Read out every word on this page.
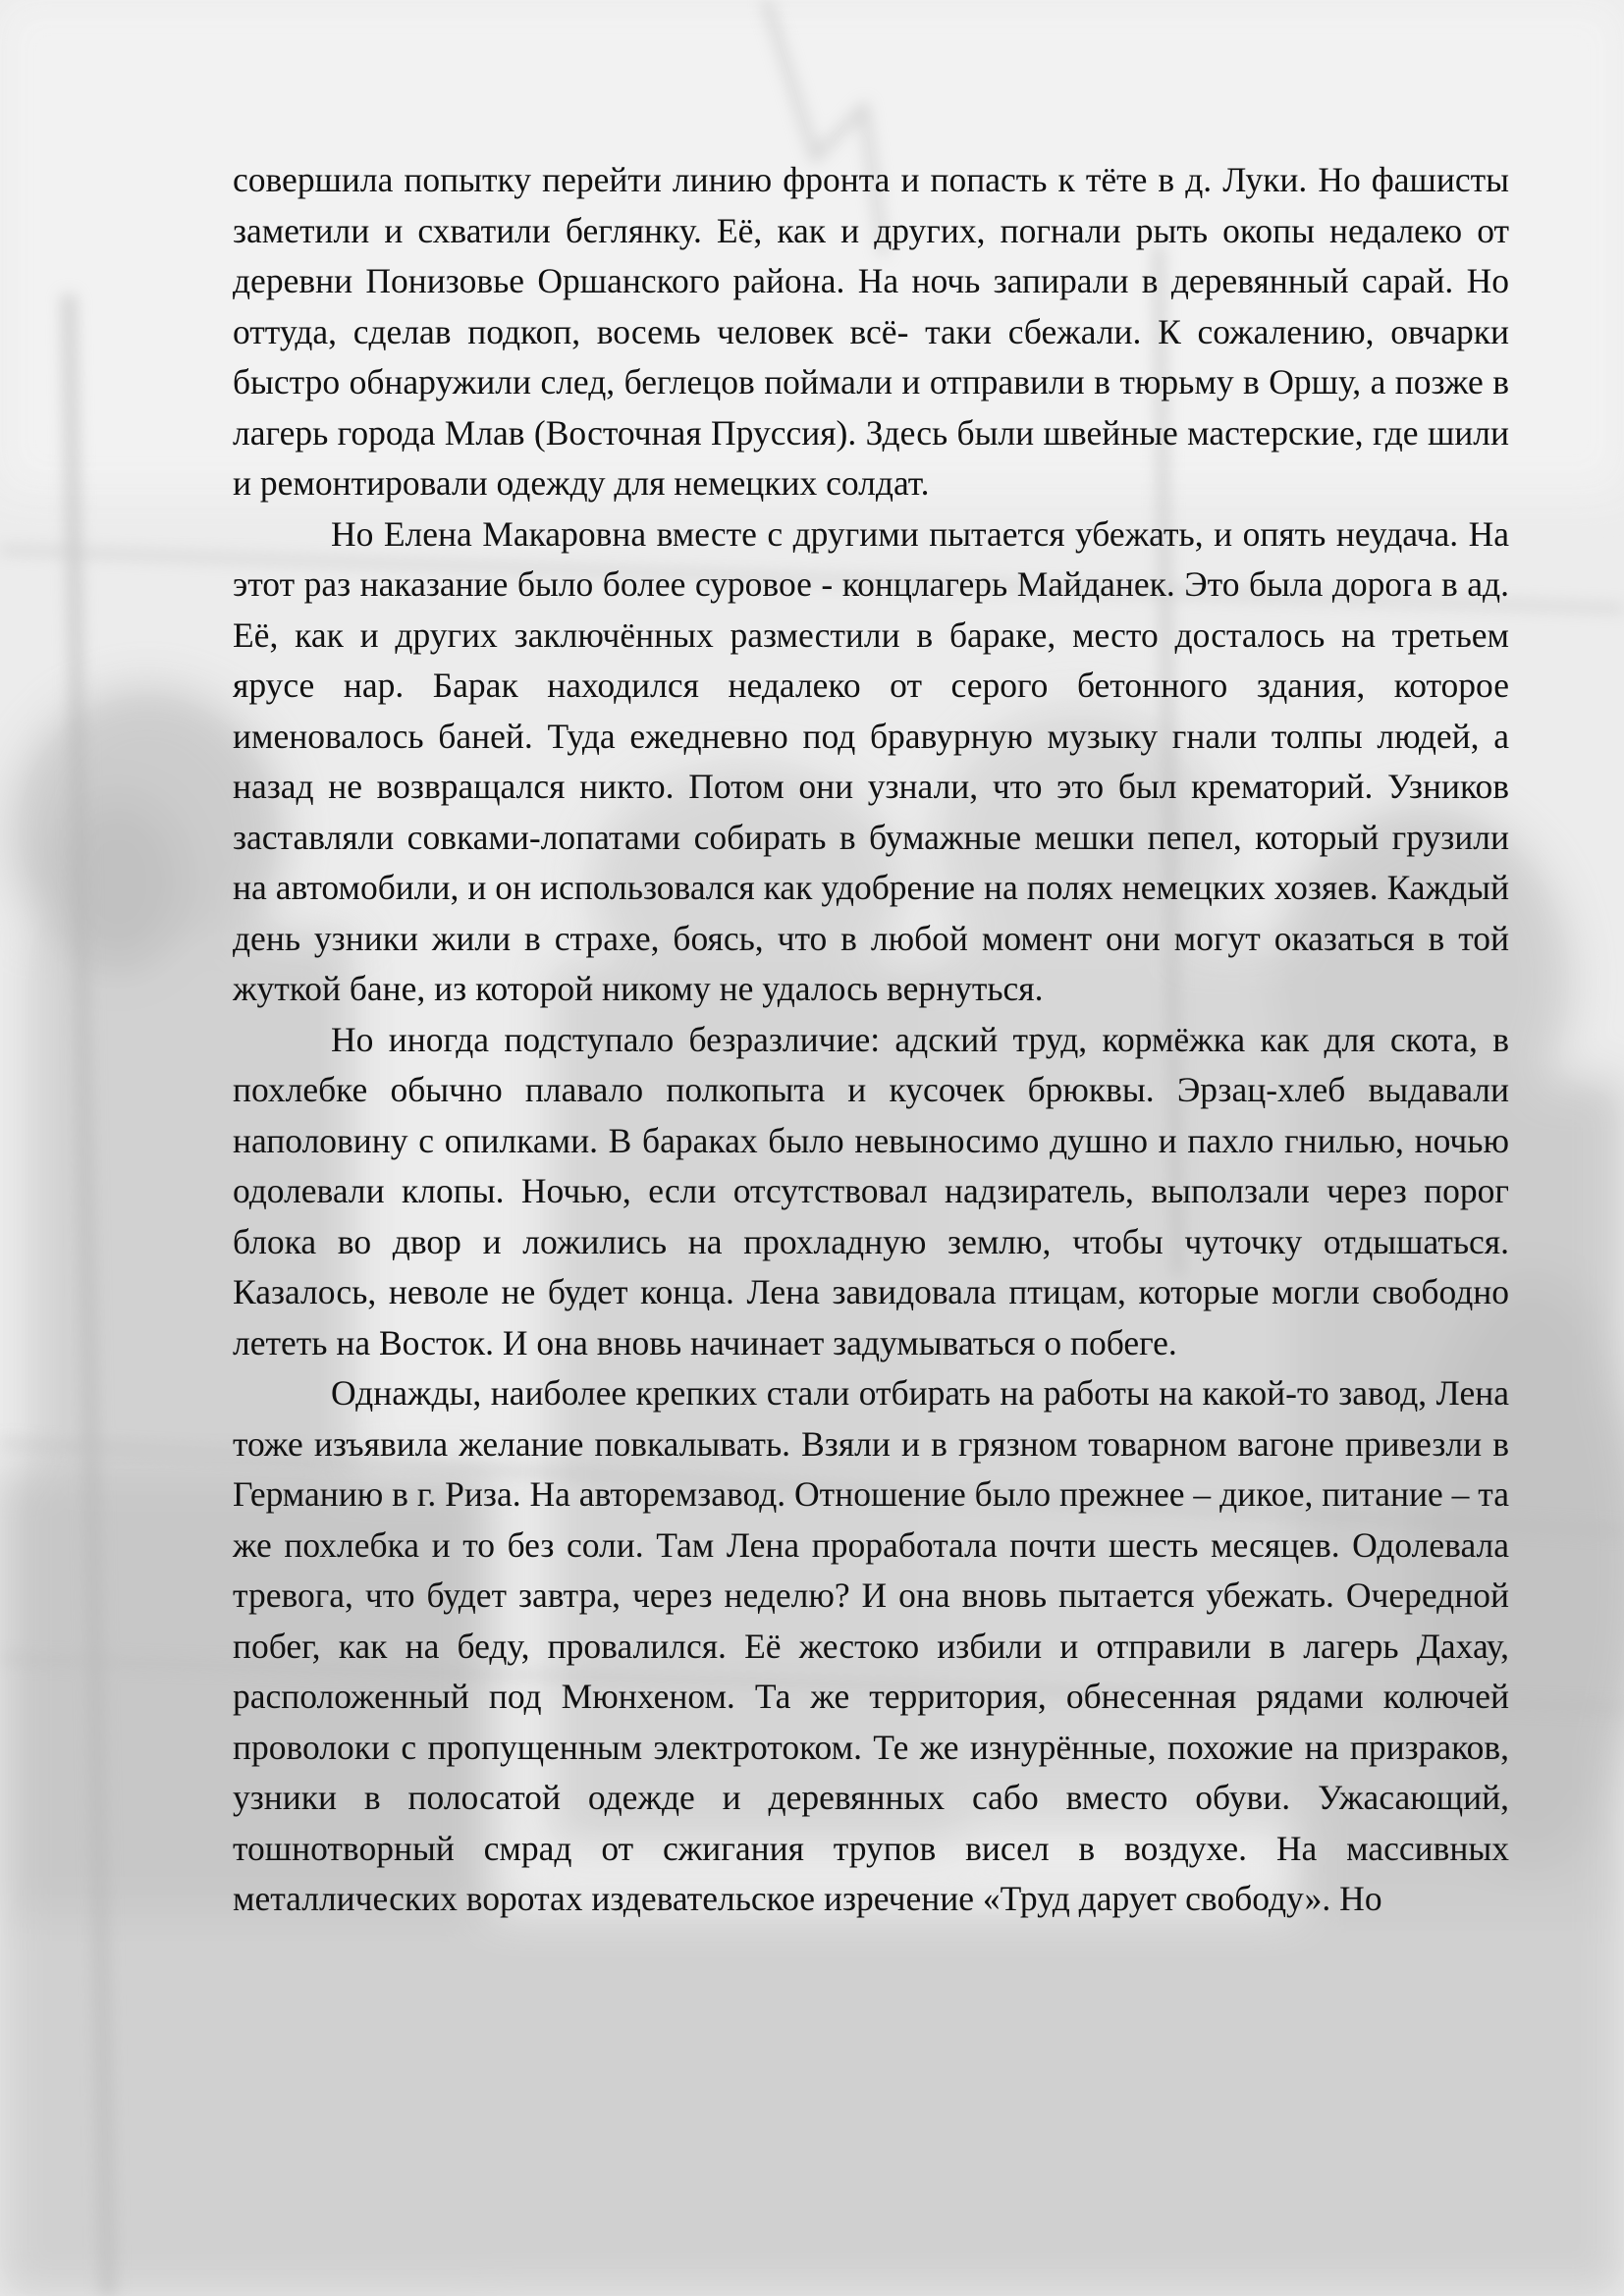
совершила попытку перейти линию фронта и попасть к тёте в д. Луки. Но фашисты заметили и схватили беглянку. Её, как и других, погнали рыть окопы недалеко от деревни Понизовье Оршанского района. На ночь запирали в деревянный сарай. Но оттуда, сделав подкоп, восемь человек всё- таки сбежали. К сожалению, овчарки быстро обнаружили след, беглецов поймали и отправили в тюрьму в Оршу, а позже в лагерь города Млав (Восточная Пруссия). Здесь были швейные мастерские, где шили и ремонтировали одежду для немецких солдат.

Но Елена Макаровна вместе с другими пытается убежать, и опять неудача. На этот раз наказание было более суровое - концлагерь Майданек. Это была дорога в ад. Её, как и других заключённых разместили в бараке, место досталось на третьем ярусе нар. Барак находился недалеко от серого бетонного здания, которое именовалось баней. Туда ежедневно под бравурную музыку гнали толпы людей, а назад не возвращался никто. Потом они узнали, что это был крематорий. Узников заставляли совками-лопатами собирать в бумажные мешки пепел, который грузили на автомобили, и он использовался как удобрение на полях немецких хозяев. Каждый день узники жили в страхе, боясь, что в любой момент они могут оказаться в той жуткой бане, из которой никому не удалось вернуться.

Но иногда подступало безразличие: адский труд, кормёжка как для скота, в похлебке обычно плавало полкопыта и кусочек брюквы. Эрзац-хлеб выдавали наполовину с опилками. В бараках было невыносимо душно и пахло гнилью, ночью одолевали клопы. Ночью, если отсутствовал надзиратель, выползали через порог блока во двор и ложились на прохладную землю, чтобы чуточку отдышаться. Казалось, неволе не будет конца. Лена завидовала птицам, которые могли свободно лететь на Восток. И она вновь начинает задумываться о побеге.

Однажды, наиболее крепких стали отбирать на работы на какой-то завод, Лена тоже изъявила желание повкалывать. Взяли и в грязном товарном вагоне привезли в Германию в г. Риза. На авторемзавод. Отношение было прежнее – дикое, питание – та же похлебка и то без соли. Там Лена проработала почти шесть месяцев. Одолевала тревога, что будет завтра, через неделю? И она вновь пытается убежать. Очередной побег, как на беду, провалился. Её жестоко избили и отправили в лагерь Дахау, расположенный под Мюнхеном. Та же территория, обнесенная рядами колючей проволоки с пропущенным электротоком. Те же изнурённые, похожие на призраков, узники в полосатой одежде и деревянных сабо вместо обуви. Ужасающий, тошнотворный смрад от сжигания трупов висел в воздухе. На массивных металлических воротах издевательское изречение «Труд дарует свободу». Но
